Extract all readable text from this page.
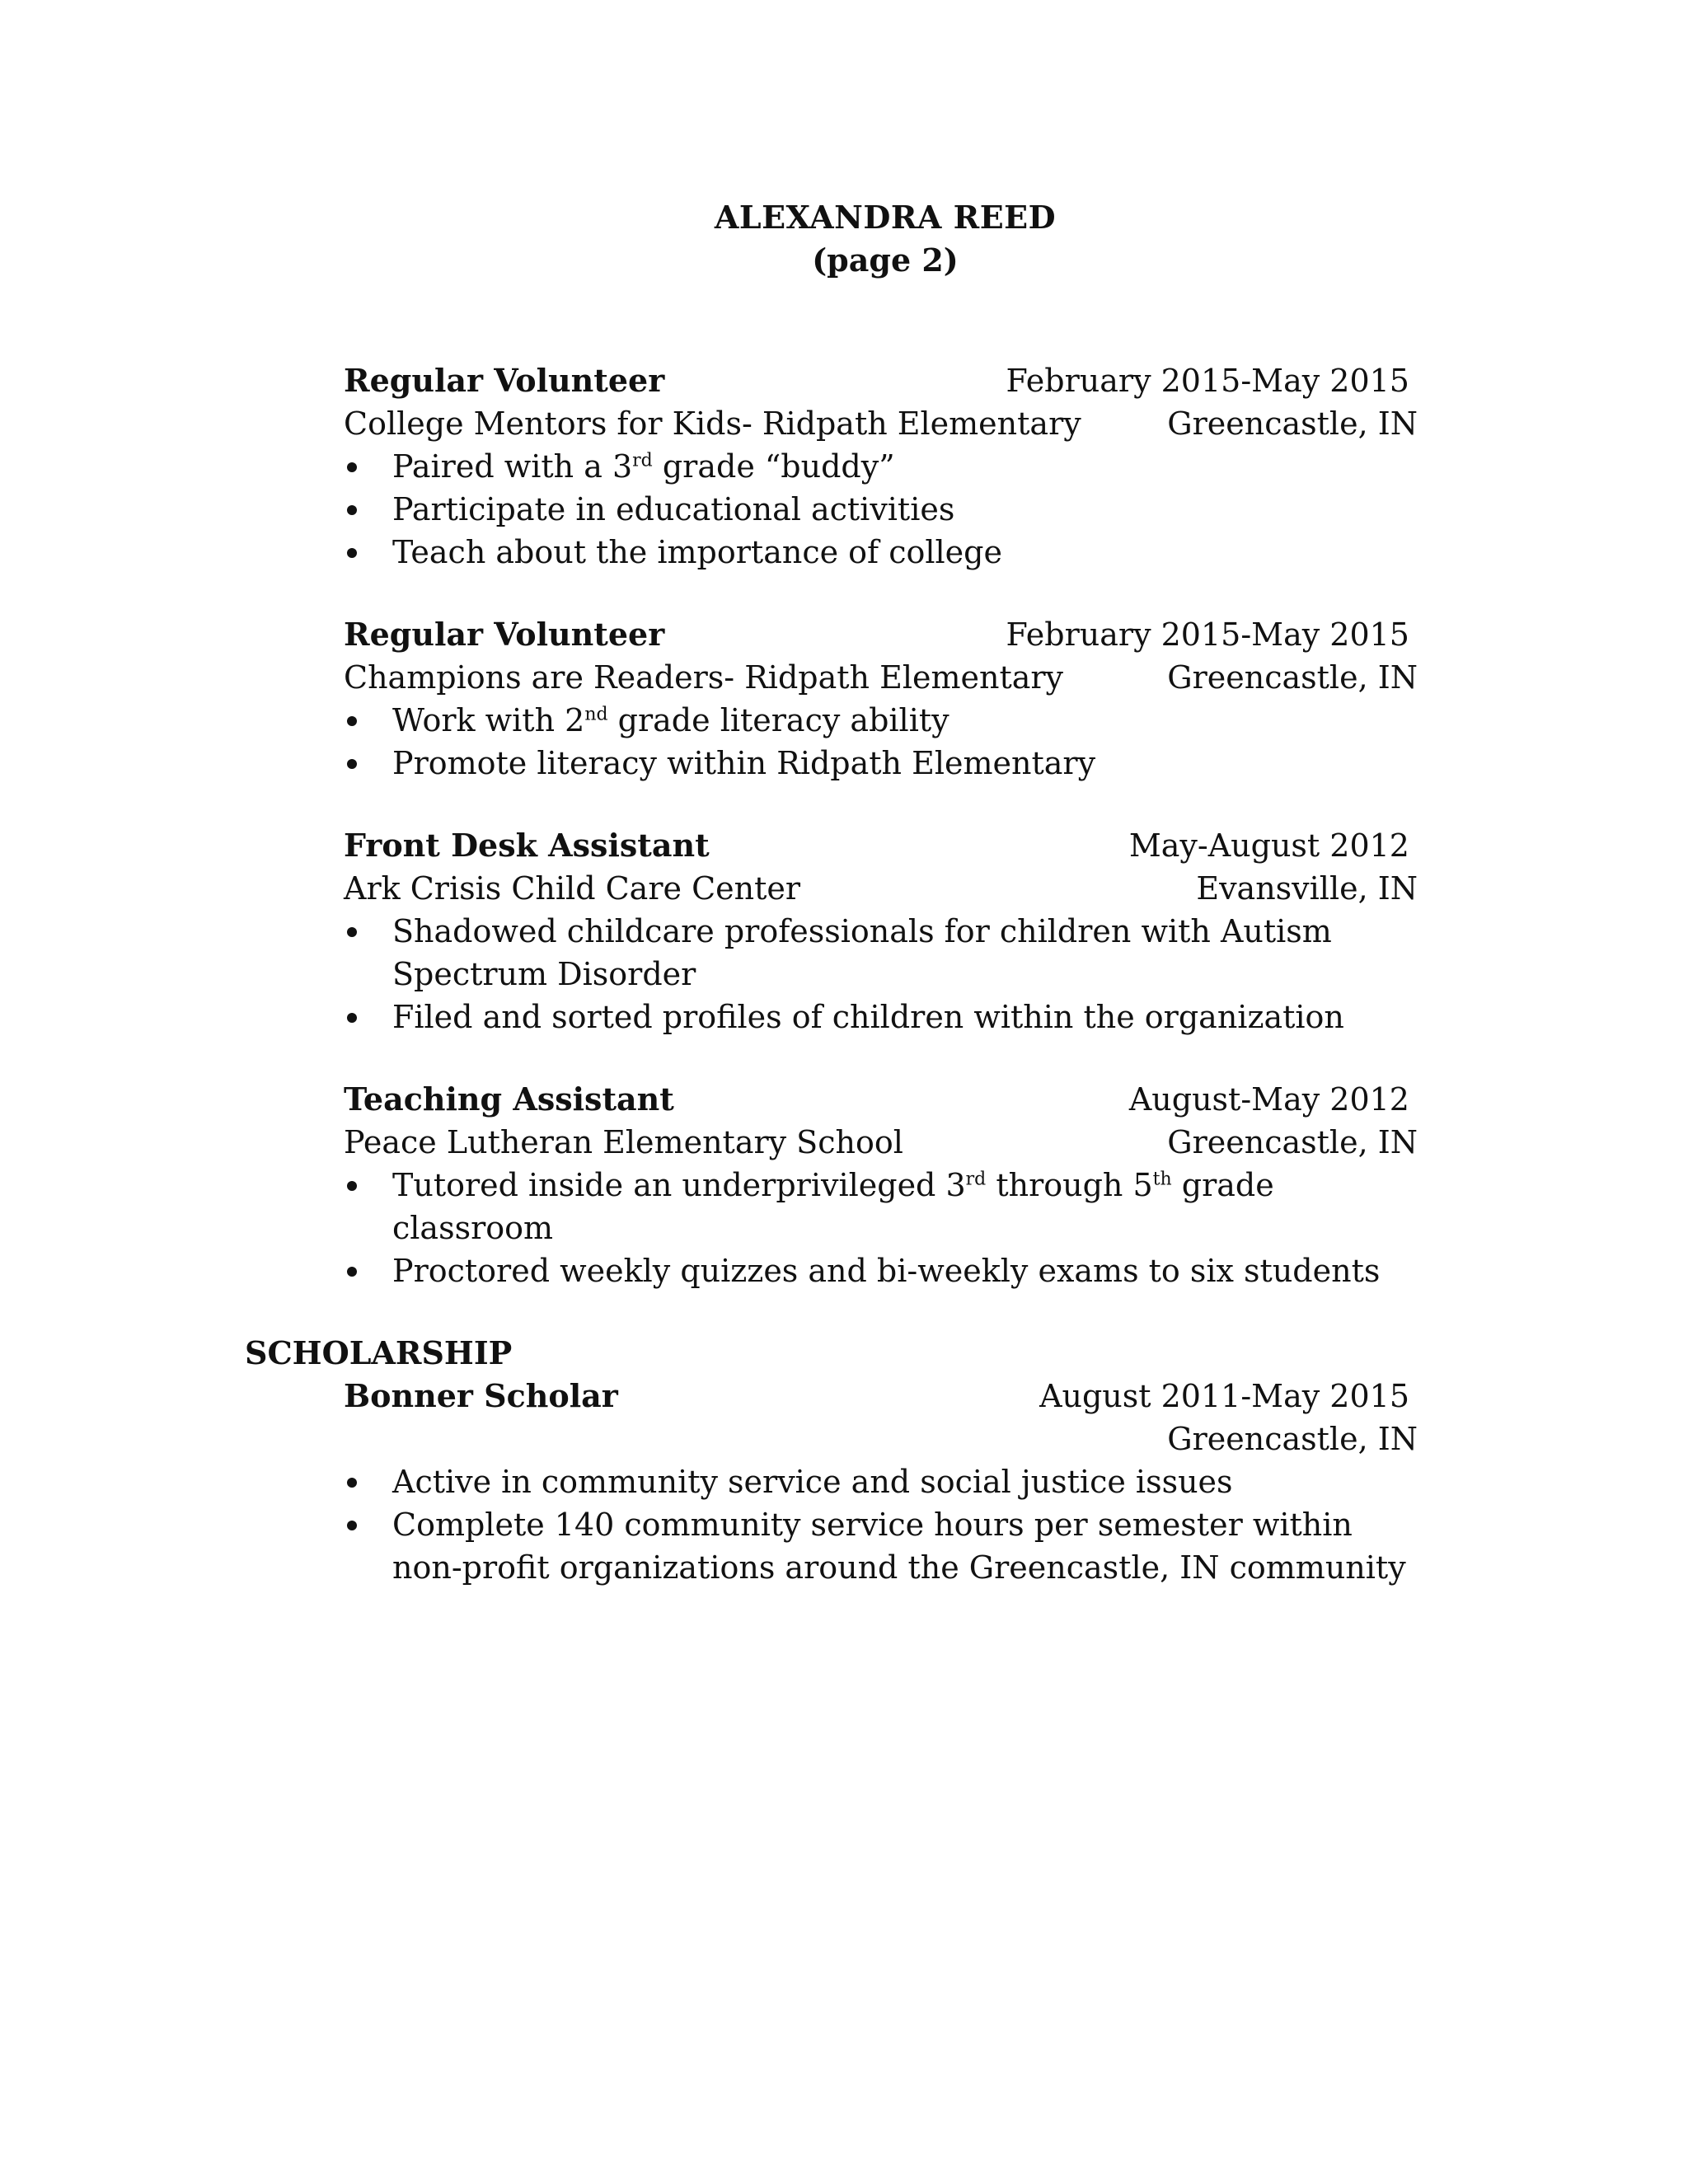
ALEXANDRA REED
(page 2)
Regular Volunteer	February 2015-May 2015
College Mentors for Kids- Ridpath Elementary	Greencastle, IN
Paired with a 3rd grade “buddy”
Participate in educational activities
Teach about the importance of college
Regular Volunteer	February 2015-May 2015
Champions are Readers- Ridpath Elementary	Greencastle, IN
Work with 2nd grade literacy ability
Promote literacy within Ridpath Elementary
Front Desk Assistant	May-August 2012
Ark Crisis Child Care Center	Evansville, IN
Shadowed childcare professionals for children with Autism Spectrum Disorder
Filed and sorted profiles of children within the organization
Teaching Assistant	August-May 2012
Peace Lutheran Elementary School	Greencastle, IN
Tutored inside an underprivileged 3rd through 5th grade classroom
Proctored weekly quizzes and bi-weekly exams to six students
SCHOLARSHIP
Bonner Scholar	August 2011-May 2015
Greencastle, IN
Active in community service and social justice issues
Complete 140 community service hours per semester within non-profit organizations around the Greencastle, IN community
